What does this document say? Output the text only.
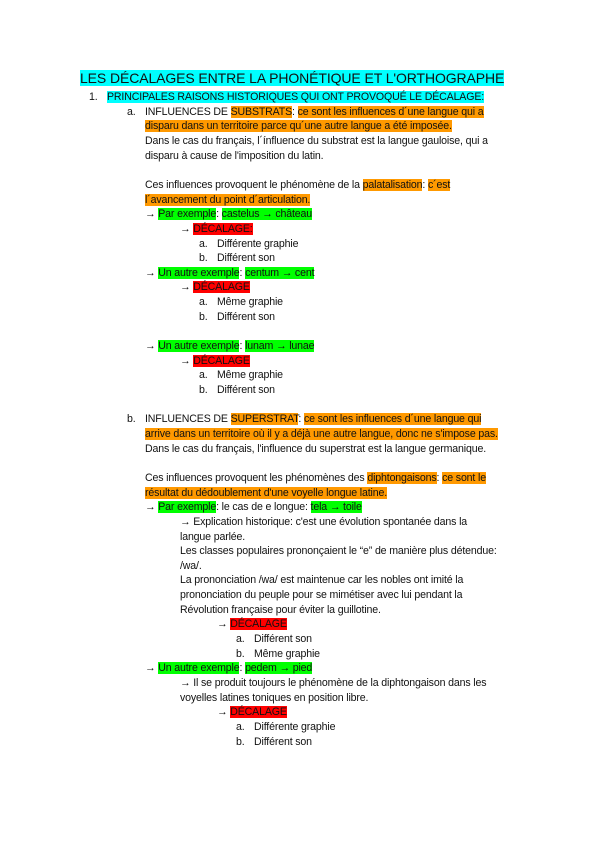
LES DÉCALAGES ENTRE LA PHONÉTIQUE ET L'ORTHOGRAPHE
1. PRINCIPALES RAISONS HISTORIQUES QUI ONT PROVOQUÉ LE DÉCALAGE:
a. INFLUENCES DE SUBSTRATS: ce sont les influences d´une langue qui a
disparu dans un territoire parce qu´une autre langue a été imposée.
Dans le cas du français, l´ínfluence du substrat est la langue gauloise, qui a
disparu à cause de l'imposition du latin.
Ces influences provoquent le phénomène de la palatalisation: c´est
l´avancement du point d´articulation.
→ Par exemple: castelus → château
→ DÉCALAGE:
a. Différente graphie
b. Différent son
→ Un autre exemple: centum → cent
→ DÉCALAGE
a. Même graphie
b. Différent son
→ Un autre exemple: lunam → lunae
→ DÉCALAGE
a. Même graphie
b. Différent son
b. INFLUENCES DE SUPERSTRAT: ce sont les influences d´une langue qui
arrive dans un territoire où il y a déjà une autre langue, donc ne s'impose pas.
Dans le cas du français, l'influence du superstrat est la langue germanique.
Ces influences provoquent les phénomènes des diphtongaisons: ce sont le
résultat du dédoublement d'une voyelle longue latine.
→ Par exemple: le cas de e longue: tela → toile
→ Explication historique: c'est une évolution spontanée dans la
langue parlée.
Les classes populaires prononçaient le “e” de manière plus détendue:
/wa/.
La prononciation /wa/ est maintenue car les nobles ont imité la
prononciation du peuple pour se mimétiser avec lui pendant la
Révolution française pour éviter la guillotine.
→ DÉCALAGE
a. Différent son
b. Même graphie
→ Un autre exemple: pedem → pied
→ Il se produit toujours le phénomène de la diphtongaison dans les
voyelles latines toniques en position libre.
→ DÉCALAGE
a. Différente graphie
b. Différent son
